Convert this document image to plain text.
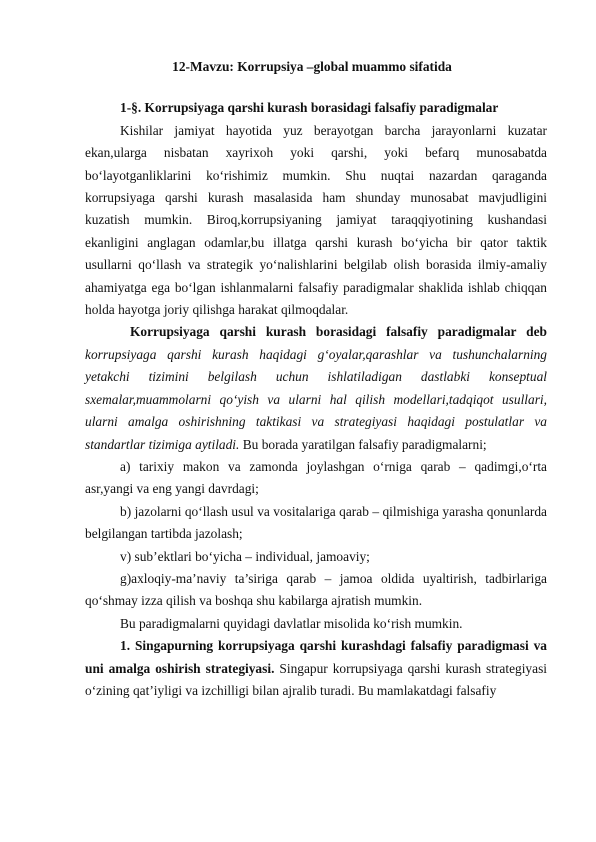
12-Mavzu: Korrupsiya –global muammo sifatida

1-§. Korrupsiyaga qarshi kurash borasidagi falsafiy paradigmalar

Kishilar jamiyat hayotida yuz berayotgan barcha jarayonlarni kuzatar ekan,ularga nisbatan xayrixoh yoki qarshi, yoki befarq munosabatda bo‘layotganliklarini ko‘rishimiz mumkin. Shu nuqtai nazardan qaraganda korrupsiyaga qarshi kurash masalasida ham shunday munosabat mavjudligini kuzatish mumkin. Biroq,korrupsiyaning jamiyat taraqqiyotining kushandasi ekanligini anglagan odamlar,bu illatga qarshi kurash bo‘yicha bir qator taktik usullarni qo‘llash va strategik yo‘nalishlarini belgilab olish borasida ilmiy-amaliy ahamiyatga ega bo‘lgan ishlanmalarni falsafiy paradigmalar shaklida ishlab chiqqan holda hayotga joriy qilishga harakat qilmoqdalar.

Korrupsiyaga qarshi kurash borasidagi falsafiy paradigmalar deb korrupsiyaga qarshi kurash haqidagi g‘oyalar,qarashlar va tushunchalarning yetakchi tizimini belgilash uchun ishlatiladigan dastlabki konseptual sxemalar,muammolarni qo‘yish va ularni hal qilish modellari,tadqiqot usullari, ularni amalga oshirishning taktikasi va strategiyasi haqidagi postulatlar va standartlar tizimiga aytiladi. Bu borada yaratilgan falsafiy paradigmalarni;

a) tarixiy makon va zamonda joylashgan o‘rniga qarab – qadimgi,o‘rta asr,yangi va eng yangi davrdagi;

b) jazolarni qo‘llash usul va vositalariga qarab – qilmishiga yarasha qonunlarda belgilangan tartibda jazolash;

v) sub’ektlari bo‘yicha – individual, jamoaviy;

g)axloqiy-ma’naviy ta’siriga qarab – jamoa oldida uyaltirish, tadbirlariga qo‘shmay izza qilish va boshqa shu kabilarga ajratish mumkin.

Bu paradigmalarni quyidagi davlatlar misolida ko‘rish mumkin.

1. Singapurning korrupsiyaga qarshi kurashdagi falsafiy paradigmasi va uni amalga oshirish strategiyasi. Singapur korrupsiyaga qarshi kurash strategiyasi o‘zining qat’iyligi va izchilligi bilan ajralib turadi. Bu mamlakatdagi falsafiy
